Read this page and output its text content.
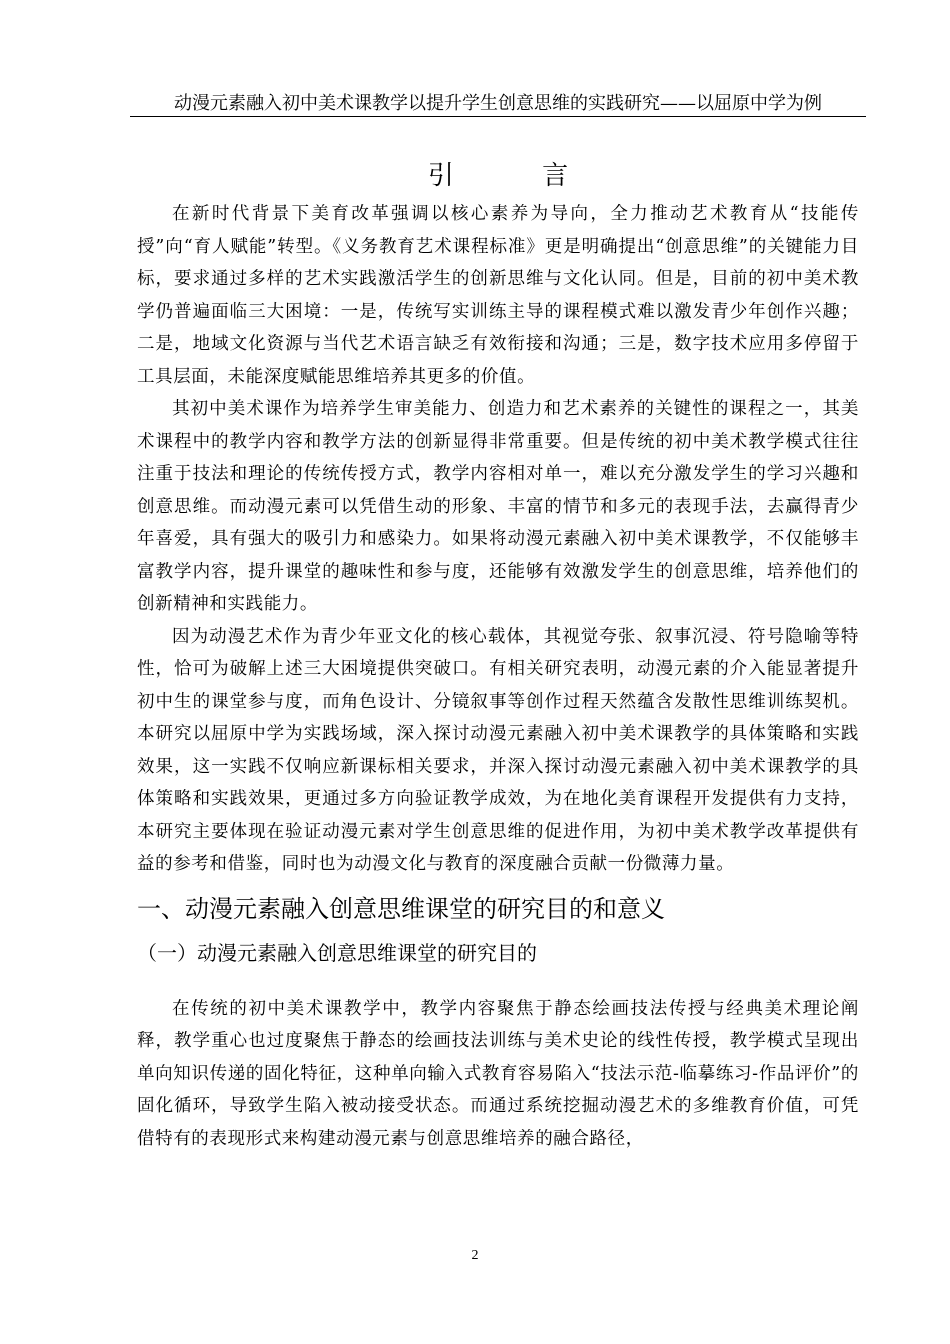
动漫元素融入初中美术课教学以提升学生创意思维的实践研究——以屈原中学为例
引 言

在新时代背景下美育改革强调以核心素养为导向，全力推动艺术教育从“技能传授”向“育人赋能”转型。《义务教育艺术课程标准》更是明确提出“创意思维”的关键能力目标，要求通过多样的艺术实践激活学生的创新思维与文化认同。但是，目前的初中美术教学仍普遍面临三大困境：一是，传统写实训练主导的课程模式难以激发青少年创作兴趣；二是，地域文化资源与当代艺术语言缺乏有效衔接和沟通；三是，数字技术应用多停留于工具层面，未能深度赋能思维培养其更多的价值。

其初中美术课作为培养学生审美能力、创造力和艺术素养的关键性的课程之一，其美术课程中的教学内容和教学方法的创新显得非常重要。但是传统的初中美术教学模式往往注重于技法和理论的传统传授方式，教学内容相对单一，难以充分激发学生的学习兴趣和创意思维。而动漫元素可以凭借生动的形象、丰富的情节和多元的表现手法，去赢得青少年喜爱，具有强大的吸引力和感染力。如果将动漫元素融入初中美术课教学，不仅能够丰富教学内容，提升课堂的趣味性和参与度，还能够有效激发学生的创意思维，培养他们的创新精神和实践能力。

因为动漫艺术作为青少年亚文化的核心载体，其视觉夸张、叙事沉浸、符号隐喻等特性，恰可为破解上述三大困境提供突破口。有相关研究表明，动漫元素的介入能显著提升初中生的课堂参与度，而角色设计、分镜叙事等创作过程天然蕴含发散性思维训练契机。本研究以屈原中学为实践场域，深入探讨动漫元素融入初中美术课教学的具体策略和实践效果，这一实践不仅响应新课标相关要求，并深入探讨动漫元素融入初中美术课教学的具体策略和实践效果，更通过多方向验证教学成效，为在地化美育课程开发提供有力支持，本研究主要体现在验证动漫元素对学生创意思维的促进作用，为初中美术教学改革提供有益的参考和借鉴，同时也为动漫文化与教育的深度融合贡献一份微薄力量。

一、动漫元素融入创意思维课堂的研究目的和意义
（一）动漫元素融入创意思维课堂的研究目的

在传统的初中美术课教学中，教学内容聚焦于静态绘画技法传授与经典美术理论阐释，教学重心也过度聚焦于静态的绘画技法训练与美术史论的线性传授，教学模式呈现出单向知识传递的固化特征，这种单向输入式教育容易陷入“技法示范-临摹练习-作品评价”的固化循环，导致学生陷入被动接受状态。而通过系统挖掘动漫艺术的多维教育价值，可凭借特有的表现形式来构建动漫元素与创意思维培养的融合路径，

2
